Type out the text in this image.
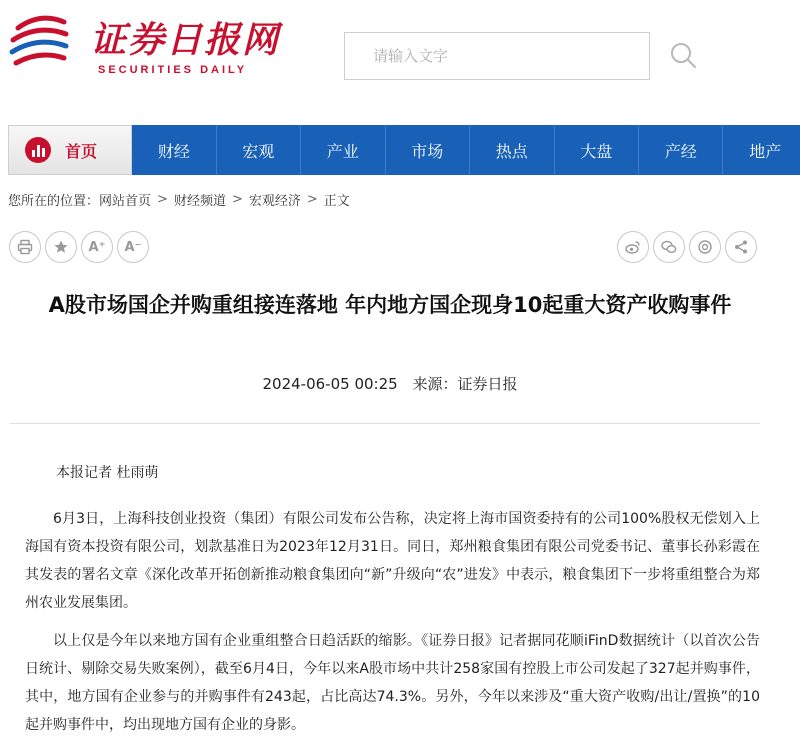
证券日报网
SECURITIES DAILY
请输入文字
首页	财经	宏观	产业	市场	热点	大盘	产经	地产
您所在的位置： 网站首页 > 财经频道 > 宏观经济 > 正文
A⁺	A⁻
A股市场国企并购重组接连落地 年内地方国企现身10起重大资产收购事件
2024-06-05 00:25 来源：证券日报
本报记者 杜雨萌

6月3日，上海科技创业投资（集团）有限公司发布公告称，决定将上海市国资委持有的公司100%股权无偿划入上海国有资本投资有限公司，划款基准日为2023年12月31日。同日，郑州粮食集团有限公司党委书记、董事长孙彩霞在其发表的署名文章《深化改革开拓创新推动粮食集团向“新”升级向“农”进发》中表示，粮食集团下一步将重组整合为郑州农业发展集团。

以上仅是今年以来地方国有企业重组整合日趋活跃的缩影。《证券日报》记者据同花顺iFinD数据统计（以首次公告日统计、剔除交易失败案例），截至6月4日，今年以来A股市场中共计258家国有控股上市公司发起了327起并购事件，其中，地方国有企业参与的并购事件有243起，占比高达74.3%。另外，今年以来涉及“重大资产收购/出让/置换”的10起并购事件中，均出现地方国有企业的身影。
